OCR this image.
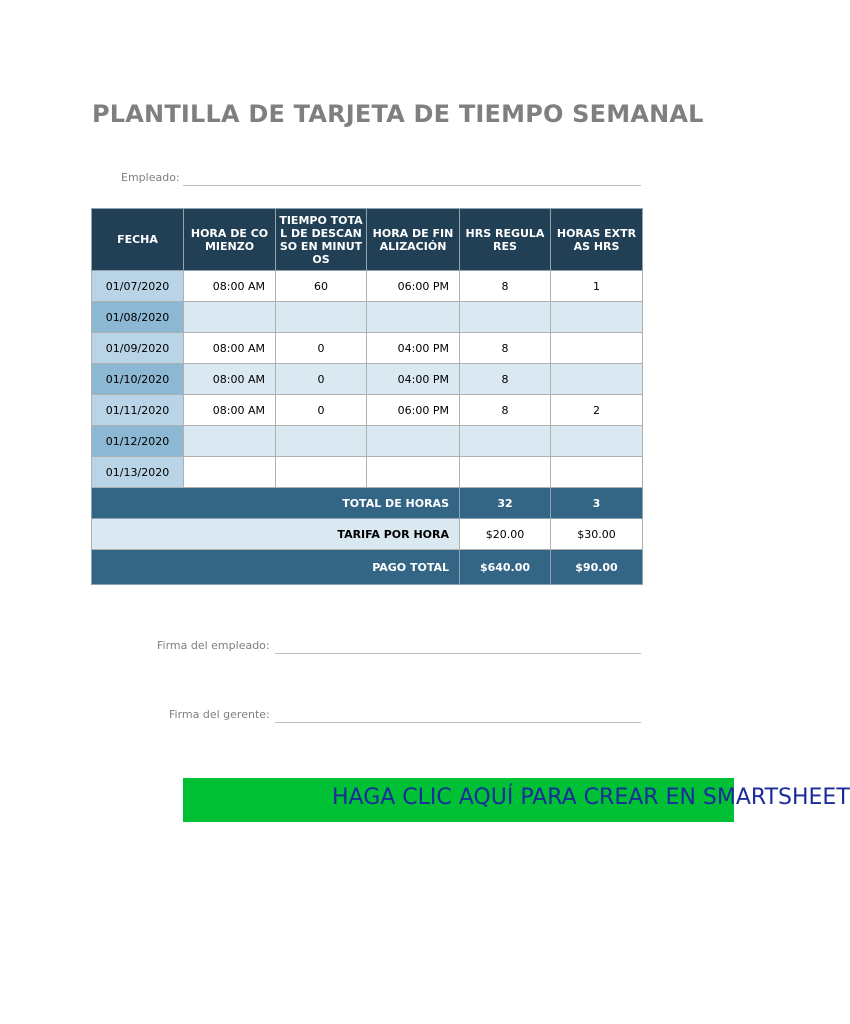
PLANTILLA DE TARJETA DE TIEMPO SEMANAL
Empleado:
FECHA	HORA DE COMIENZO	TIEMPO TOTAL DE DESCANSO EN MINUTOS	HORA DE FINALIZACIÓN	HRS REGULARES	HORAS EXTRAS HRS
01/07/2020	08:00 AM	60	06:00 PM	8	1
01/08/2020					
01/09/2020	08:00 AM	0	04:00 PM	8	
01/10/2020	08:00 AM	0	04:00 PM	8	
01/11/2020	08:00 AM	0	06:00 PM	8	2
01/12/2020					
01/13/2020					
TOTAL DE HORAS				32	3
TARIFA POR HORA				$20.00	$30.00
PAGO TOTAL				$640.00	$90.00
Firma del empleado:
Firma del gerente:
HAGA CLIC AQUÍ PARA CREAR EN SMARTSHEET
